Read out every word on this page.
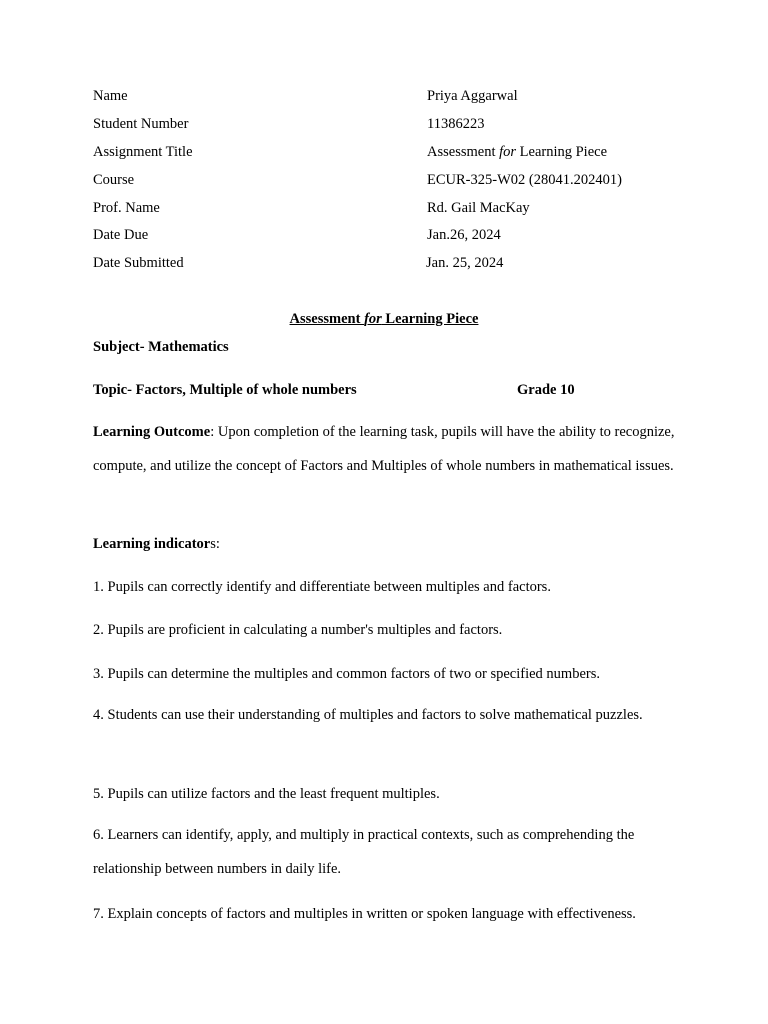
Name	Priya Aggarwal
Student Number	11386223
Assignment Title	Assessment for Learning Piece
Course	ECUR-325-W02 (28041.202401)
Prof. Name	Rd. Gail MacKay
Date Due	Jan.26, 2024
Date Submitted	Jan. 25, 2024
Assessment for Learning Piece
Subject- Mathematics
Topic- Factors, Multiple of whole numbers	Grade 10

Learning Outcome: Upon completion of the learning task, pupils will have the ability to recognize, compute, and utilize the concept of Factors and Multiples of whole numbers in mathematical issues.

Learning indicators:
1. Pupils can correctly identify and differentiate between multiples and factors.
2. Pupils are proficient in calculating a number's multiples and factors.
3. Pupils can determine the multiples and common factors of two or specified numbers.

4. Students can use their understanding of multiples and factors to solve mathematical puzzles.

5. Pupils can utilize factors and the least frequent multiples.

6. Learners can identify, apply, and multiply in practical contexts, such as comprehending the relationship between numbers in daily life.

7. Explain concepts of factors and multiples in written or spoken language with effectiveness.
